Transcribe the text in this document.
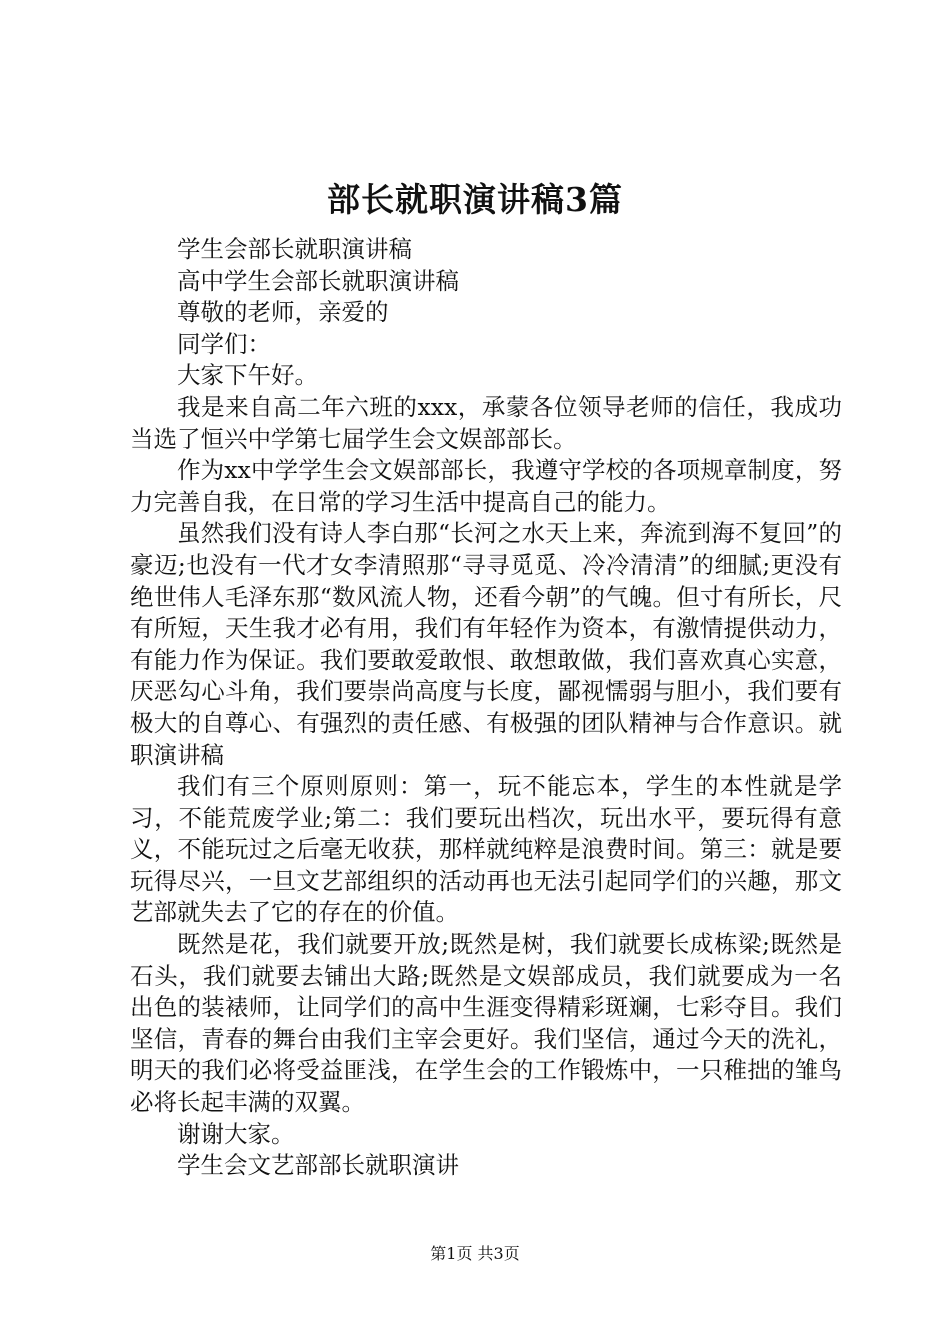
部长就职演讲稿3篇

学生会部长就职演讲稿

高中学生会部长就职演讲稿

尊敬的老师，亲爱的

同学们：

大家下午好。

我是来自高二年六班的xxx，承蒙各位领导老师的信任，我成功当选了恒兴中学第七届学生会文娱部部长。

作为xx中学学生会文娱部部长，我遵守学校的各项规章制度，努力完善自我，在日常的学习生活中提高自己的能力。

虽然我们没有诗人李白那“长河之水天上来，奔流到海不复回”的豪迈;也没有一代才女李清照那“寻寻觅觅、冷冷清清”的细腻;更没有绝世伟人毛泽东那“数风流人物，还看今朝”的气魄。但寸有所长，尺有所短，天生我才必有用，我们有年轻作为资本，有激情提供动力，有能力作为保证。我们要敢爱敢恨、敢想敢做，我们喜欢真心实意，厌恶勾心斗角，我们要崇尚高度与长度，鄙视懦弱与胆小，我们要有极大的自尊心、有强烈的责任感、有极强的团队精神与合作意识。就职演讲稿

我们有三个原则原则：第一，玩不能忘本，学生的本性就是学习，不能荒废学业;第二：我们要玩出档次，玩出水平，要玩得有意义，不能玩过之后毫无收获，那样就纯粹是浪费时间。第三：就是要玩得尽兴，一旦文艺部组织的活动再也无法引起同学们的兴趣，那文艺部就失去了它的存在的价值。

既然是花，我们就要开放;既然是树，我们就要长成栋梁;既然是石头，我们就要去铺出大路;既然是文娱部成员，我们就要成为一名出色的装裱师，让同学们的高中生涯变得精彩斑斓，七彩夺目。我们坚信，青春的舞台由我们主宰会更好。我们坚信，通过今天的洗礼，明天的我们必将受益匪浅，在学生会的工作锻炼中，一只稚拙的雏鸟必将长起丰满的双翼。

谢谢大家。

学生会文艺部部长就职演讲

第1页 共3页
